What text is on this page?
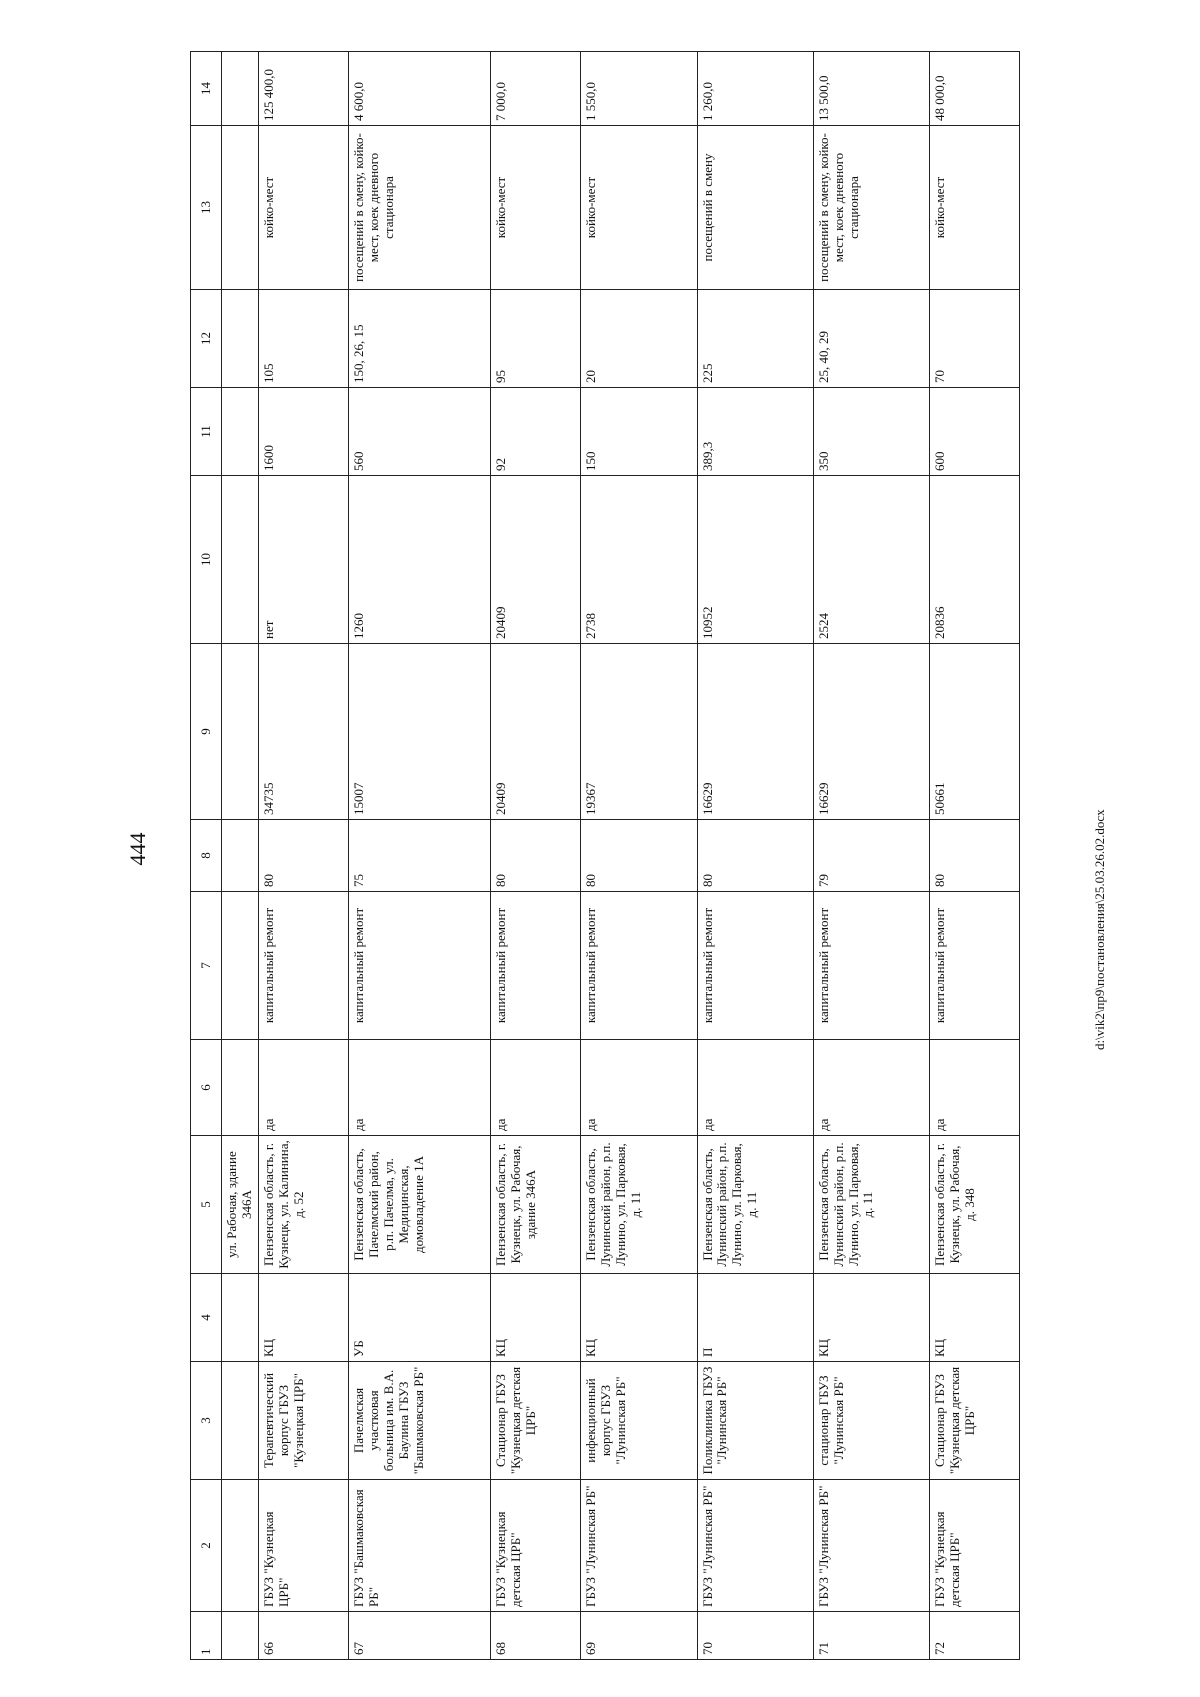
444	d:\vik2\пр9\постановления\25.03.26.02.docx
1	2	3	4	5	6	7	8	9	10	11	12	13	14
				ул. Рабочая, здание 346А									
66	ГБУЗ "Кузнецкая ЦРБ"	Терапевтический корпус ГБУЗ "Кузнецкая ЦРБ"	КЦ	Пензенская область, г. Кузнецк, ул. Калинина, д. 52	да	капитальный ремонт	80	34735	нет	1600	105	койко-мест	125 400,0
67	ГБУЗ "Башмаковская РБ"	Пачелмская участковая больница им. В.А. Баулина ГБУЗ "Башмаковская РБ"	УБ	Пензенская область, Пачелмский район, р.п. Пачелма, ул. Медицинская, домовладение 1А	да	капитальный ремонт	75	15007	1260	560	150, 26, 15	посещений в смену, койко-мест, коек дневного стационара	4 600,0
68	ГБУЗ "Кузнецкая детская ЦРБ"	Стационар ГБУЗ "Кузнецкая детская ЦРБ"	КЦ	Пензенская область, г. Кузнецк, ул. Рабочая, здание 346А	да	капитальный ремонт	80	20409	20409	92	95	койко-мест	7 000,0
69	ГБУЗ "Лунинская РБ"	инфекционный корпус ГБУЗ "Лунинская РБ"	КЦ	Пензенская область, Лунинский район, р.п. Лунино, ул. Парковая, д. 11	да	капитальный ремонт	80	19367	2738	150	20	койко-мест	1 550,0
70	ГБУЗ "Лунинская РБ"	Поликлиника ГБУЗ "Лунинская РБ"	П	Пензенская область, Лунинский район, р.п. Лунино, ул. Парковая, д. 11	да	капитальный ремонт	80	16629	10952	389,3	225	посещений в смену	1 260,0
71	ГБУЗ "Лунинская РБ"	стационар ГБУЗ "Лунинская РБ"	КЦ	Пензенская область, Лунинский район, р.п. Лунино, ул. Парковая, д. 11	да	капитальный ремонт	79	16629	2524	350	25, 40, 29	посещений в смену, койко-мест, коек дневного стационара	13 500,0
72	ГБУЗ "Кузнецкая детская ЦРБ"	Стационар ГБУЗ "Кузнецкая детская ЦРБ"	КЦ	Пензенская область, г. Кузнецк, ул. Рабочая, д. 348	да	капитальный ремонт	80	50661	20836	600	70	койко-мест	48 000,0
